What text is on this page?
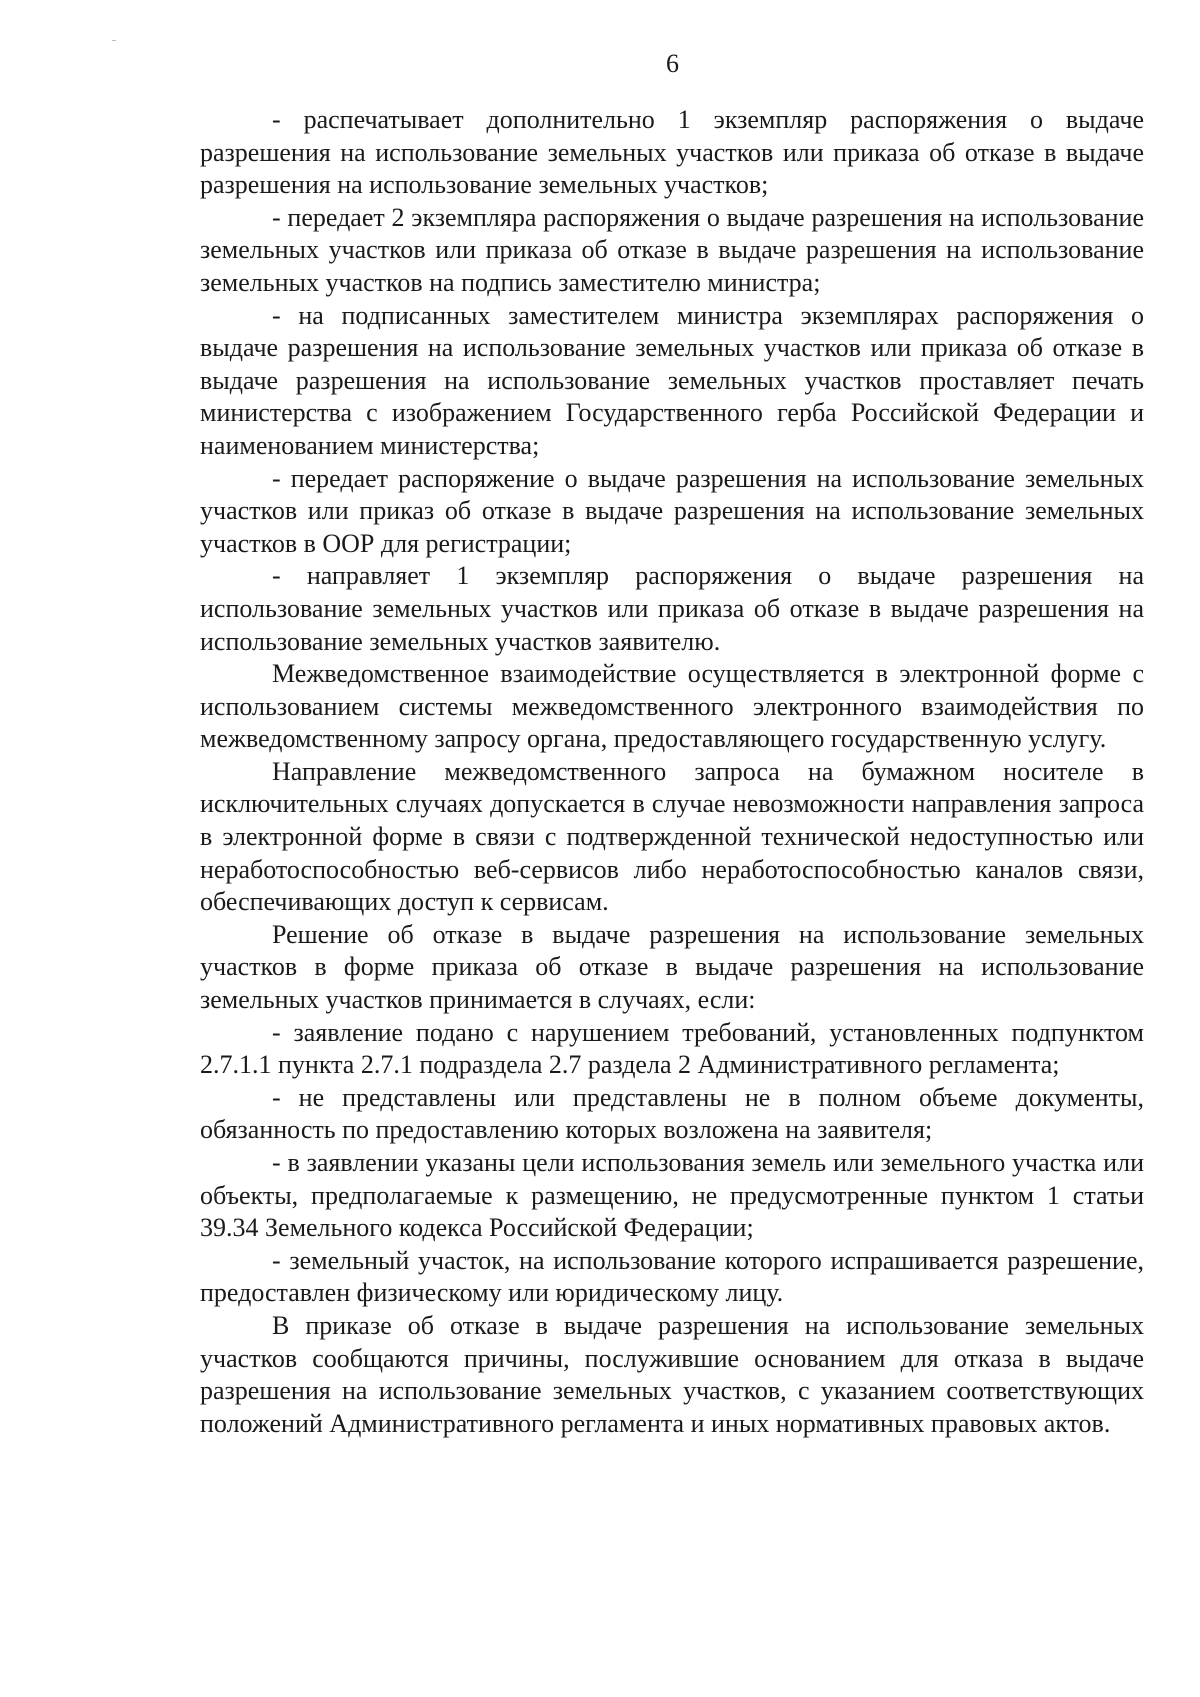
6

- распечатывает дополнительно 1 экземпляр распоряжения о выдаче разрешения на использование земельных участков или приказа об отказе в выдаче разрешения на использование земельных участков;

- передает 2 экземпляра распоряжения о выдаче разрешения на использование земельных участков или приказа об отказе в выдаче разрешения на использование земельных участков на подпись заместителю министра;

- на подписанных заместителем министра экземплярах распоряжения о выдаче разрешения на использование земельных участков или приказа об отказе в выдаче разрешения на использование земельных участков проставляет печать министерства с изображением Государственного герба Российской Федерации и наименованием министерства;

- передает распоряжение о выдаче разрешения на использование земельных участков или приказ об отказе в выдаче разрешения на использование земельных участков в ООР для регистрации;

- направляет 1 экземпляр распоряжения о выдаче разрешения на использование земельных участков или приказа об отказе в выдаче разрешения на использование земельных участков заявителю.

Межведомственное взаимодействие осуществляется в электронной форме с использованием системы межведомственного электронного взаимодействия по межведомственному запросу органа, предоставляющего государственную услугу.

Направление межведомственного запроса на бумажном носителе в исключительных случаях допускается в случае невозможности направления запроса в электронной форме в связи с подтвержденной технической недоступностью или неработоспособностью веб-сервисов либо неработоспособностью каналов связи, обеспечивающих доступ к сервисам.

Решение об отказе в выдаче разрешения на использование земельных участков в форме приказа об отказе в выдаче разрешения на использование земельных участков принимается в случаях, если:

- заявление подано с нарушением требований, установленных подпунктом 2.7.1.1 пункта 2.7.1 подраздела 2.7 раздела 2 Административного регламента;

- не представлены или представлены не в полном объеме документы, обязанность по предоставлению которых возложена на заявителя;

- в заявлении указаны цели использования земель или земельного участка или объекты, предполагаемые к размещению, не предусмотренные пунктом 1 статьи 39.34 Земельного кодекса Российской Федерации;

- земельный участок, на использование которого испрашивается разрешение, предоставлен физическому или юридическому лицу.

В приказе об отказе в выдаче разрешения на использование земельных участков сообщаются причины, послужившие основанием для отказа в выдаче разрешения на использование земельных участков, с указанием соответствующих положений Административного регламента и иных нормативных правовых актов.
